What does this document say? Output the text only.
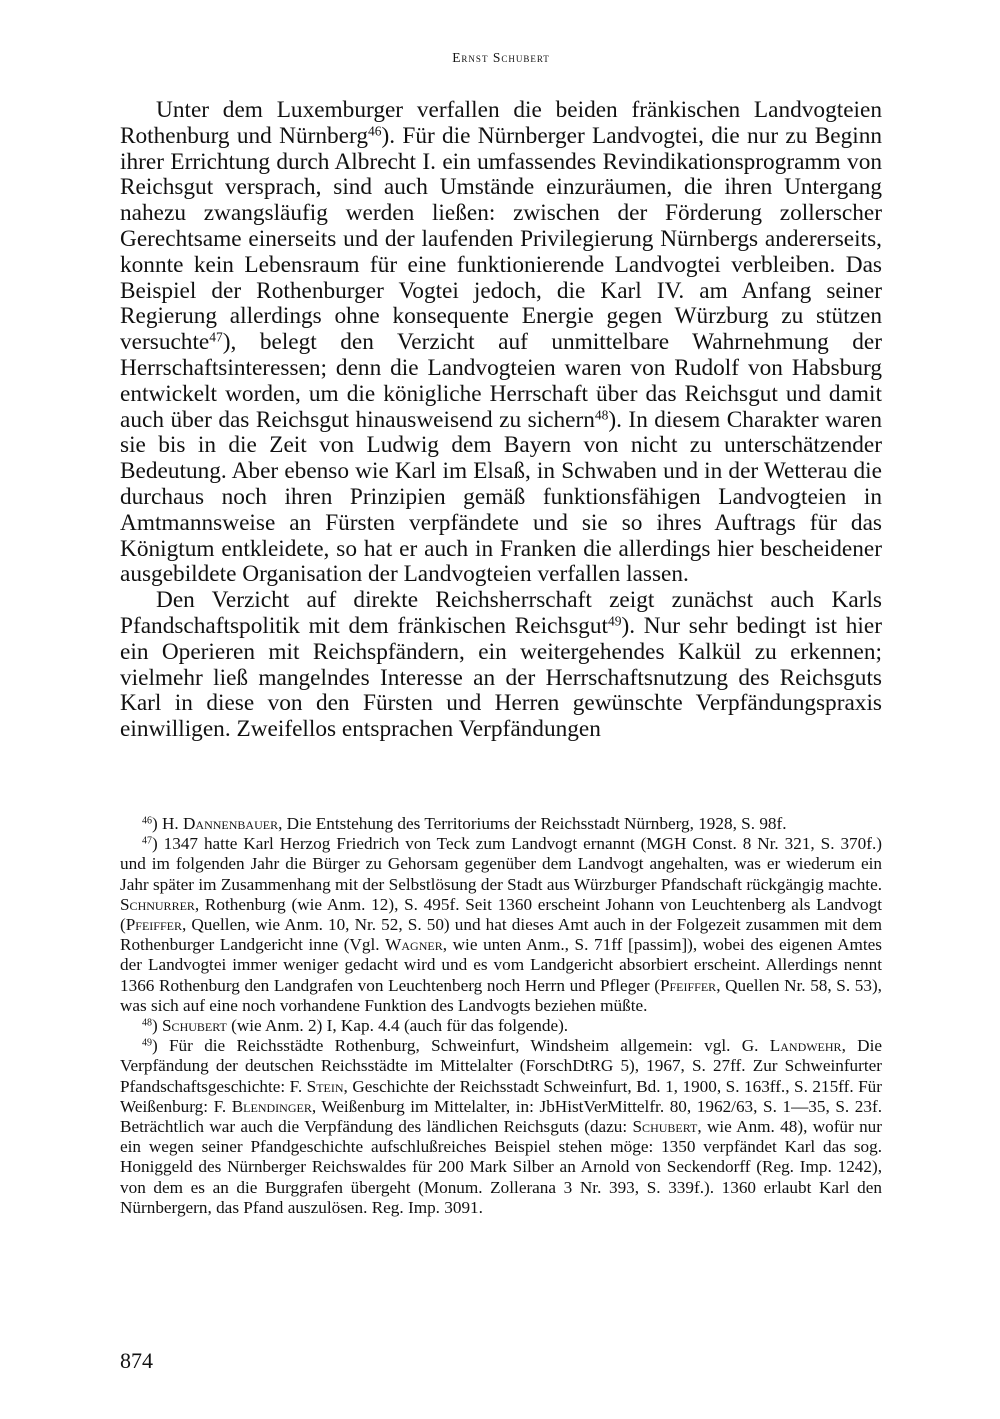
Ernst Schubert

Unter dem Luxemburger verfallen die beiden fränkischen Landvogteien Rothenburg und Nürnberg$^{46}$). Für die Nürnberger Landvogtei, die nur zu Beginn ihrer Errichtung durch Albrecht I. ein umfassendes Revindikationsprogramm von Reichsgut versprach, sind auch Umstände einzuräumen, die ihren Untergang nahezu zwangsläufig werden ließen: zwischen der Förderung zollerscher Gerechtsame einerseits und der laufenden Privilegierung Nürnbergs andererseits, konnte kein Lebensraum für eine funktionierende Landvogtei verbleiben. Das Beispiel der Rothenburger Vogtei jedoch, die Karl IV. am Anfang seiner Regierung allerdings ohne konsequente Energie gegen Würzburg zu stützen versuchte$^{47}$), belegt den Verzicht auf unmittelbare Wahrnehmung der Herrschaftsinteressen; denn die Landvogteien waren von Rudolf von Habsburg entwickelt worden, um die königliche Herrschaft über das Reichsgut und damit auch über das Reichsgut hinausweisend zu sichern$^{48}$). In diesem Charakter waren sie bis in die Zeit von Ludwig dem Bayern von nicht zu unterschätzender Bedeutung. Aber ebenso wie Karl im Elsaß, in Schwaben und in der Wetterau die durchaus noch ihren Prinzipien gemäß funktionsfähigen Landvogteien in Amtmannsweise an Fürsten verpfändete und sie so ihres Auftrags für das Königtum entkleidete, so hat er auch in Franken die allerdings hier bescheidener ausgebildete Organisation der Landvogteien verfallen lassen.

Den Verzicht auf direkte Reichsherrschaft zeigt zunächst auch Karls Pfandschaftspolitik mit dem fränkischen Reichsgut$^{49}$). Nur sehr bedingt ist hier ein Operieren mit Reichspfändern, ein weitergehendes Kalkül zu erkennen; vielmehr ließ mangelndes Interesse an der Herrschaftsnutzung des Reichsguts Karl in diese von den Fürsten und Herren gewünschte Verpfändungspraxis einwilligen. Zweifellos entsprachen Verpfändungen

$^{46}$) H. Dannenbauer, Die Entstehung des Territoriums der Reichsstadt Nürnberg, 1928, S. 98f.

$^{47}$) 1347 hatte Karl Herzog Friedrich von Teck zum Landvogt ernannt (MGH Const. 8 Nr. 321, S. 370f.) und im folgenden Jahr die Bürger zu Gehorsam gegenüber dem Landvogt angehalten, was er wiederum ein Jahr später im Zusammenhang mit der Selbstlösung der Stadt aus Würzburger Pfandschaft rückgängig machte. Schnurrer, Rothenburg (wie Anm. 12), S. 495f. Seit 1360 erscheint Johann von Leuchtenberg als Landvogt (Pfeiffer, Quellen, wie Anm. 10, Nr. 52, S. 50) und hat dieses Amt auch in der Folgezeit zusammen mit dem Rothenburger Landgericht inne (Vgl. Wagner, wie unten Anm., S. 71ff [passim]), wobei des eigenen Amtes der Landvogtei immer weniger gedacht wird und es vom Landgericht absorbiert erscheint. Allerdings nennt 1366 Rothenburg den Landgrafen von Leuchtenberg noch Herrn und Pfleger (Pfeiffer, Quellen Nr. 58, S. 53), was sich auf eine noch vorhandene Funktion des Landvogts beziehen müßte.

$^{48}$) Schubert (wie Anm. 2) I, Kap. 4.4 (auch für das folgende).

$^{49}$) Für die Reichsstädte Rothenburg, Schweinfurt, Windsheim allgemein: vgl. G. Landwehr, Die Verpfändung der deutschen Reichsstädte im Mittelalter (ForschDtRG 5), 1967, S. 27ff. Zur Schweinfurter Pfandschaftsgeschichte: F. Stein, Geschichte der Reichsstadt Schweinfurt, Bd. 1, 1900, S. 163ff., S. 215ff. Für Weißenburg: F. Blendinger, Weißenburg im Mittelalter, in: JbHistVerMittelfr. 80, 1962/63, S. 1—35, S. 23f. Beträchtlich war auch die Verpfändung des ländlichen Reichsguts (dazu: Schubert, wie Anm. 48), wofür nur ein wegen seiner Pfandgeschichte aufschlußreiches Beispiel stehen möge: 1350 verpfändet Karl das sog. Honiggeld des Nürnberger Reichswaldes für 200 Mark Silber an Arnold von Seckendorff (Reg. Imp. 1242), von dem es an die Burggrafen übergeht (Monum. Zollerana 3 Nr. 393, S. 339f.). 1360 erlaubt Karl den Nürnbergern, das Pfand auszulösen. Reg. Imp. 3091.

874
